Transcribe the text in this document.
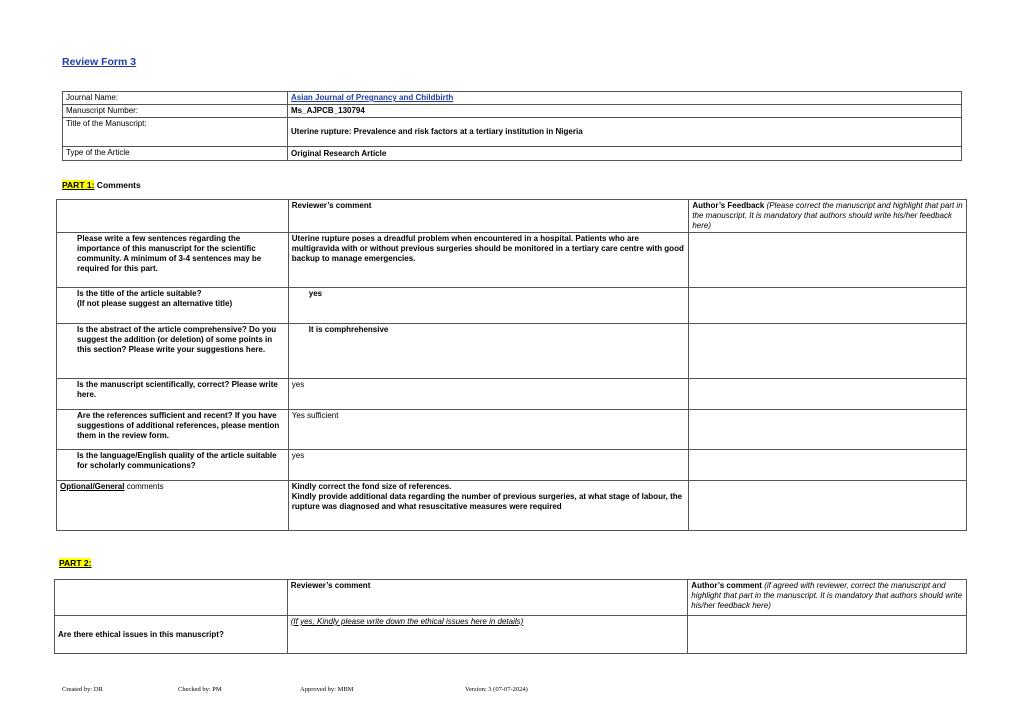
Review Form 3
Journal Name:	Asian Journal of Pregnancy and Childbirth
Manuscript Number:	Ms_AJPCB_130794
Title of the Manuscript:	Uterine rupture: Prevalence and risk factors at a tertiary institution in Nigeria
Type of the Article	Original Research Article
PART 1: Comments
	Reviewer’s comment	Author’s Feedback (Please correct the manuscript and highlight that part in the manuscript. It is mandatory that authors should write his/her feedback here)
Please write a few sentences regarding the importance of this manuscript for the scientific community. A minimum of 3-4 sentences may be required for this part.	Uterine rupture poses a dreadful problem when encountered in a hospital. Patients who are multigravida with or without previous surgeries should be monitored in a tertiary care centre with good backup to manage emergencies.	
Is the title of the article suitable?
(If not please suggest an alternative title)	yes	
Is the abstract of the article comprehensive? Do you suggest the addition (or deletion) of some points in this section? Please write your suggestions here.	It is comphrehensive	
Is the manuscript scientifically, correct? Please write here.	yes	
Are the references sufficient and recent? If you have suggestions of additional references, please mention them in the review form.	Yes sufficient	
Is the language/English quality of the article suitable for scholarly communications?	yes	
Optional/General comments	Kindly correct the fond size of references.
Kindly provide additional data regarding the number of previous surgeries, at what stage of labour, the rupture was diagnosed and what resuscitative measures were required	
PART 2:
	Reviewer’s comment	Author’s comment (if agreed with reviewer, correct the manuscript and highlight that part in the manuscript. It is mandatory that authors should write his/her feedback here)
Are there ethical issues in this manuscript?	(If yes, Kindly please write down the ethical issues here in details)	
Created by: DR	Checked by: PM	Approved by: MBM	Version: 3 (07-07-2024)
